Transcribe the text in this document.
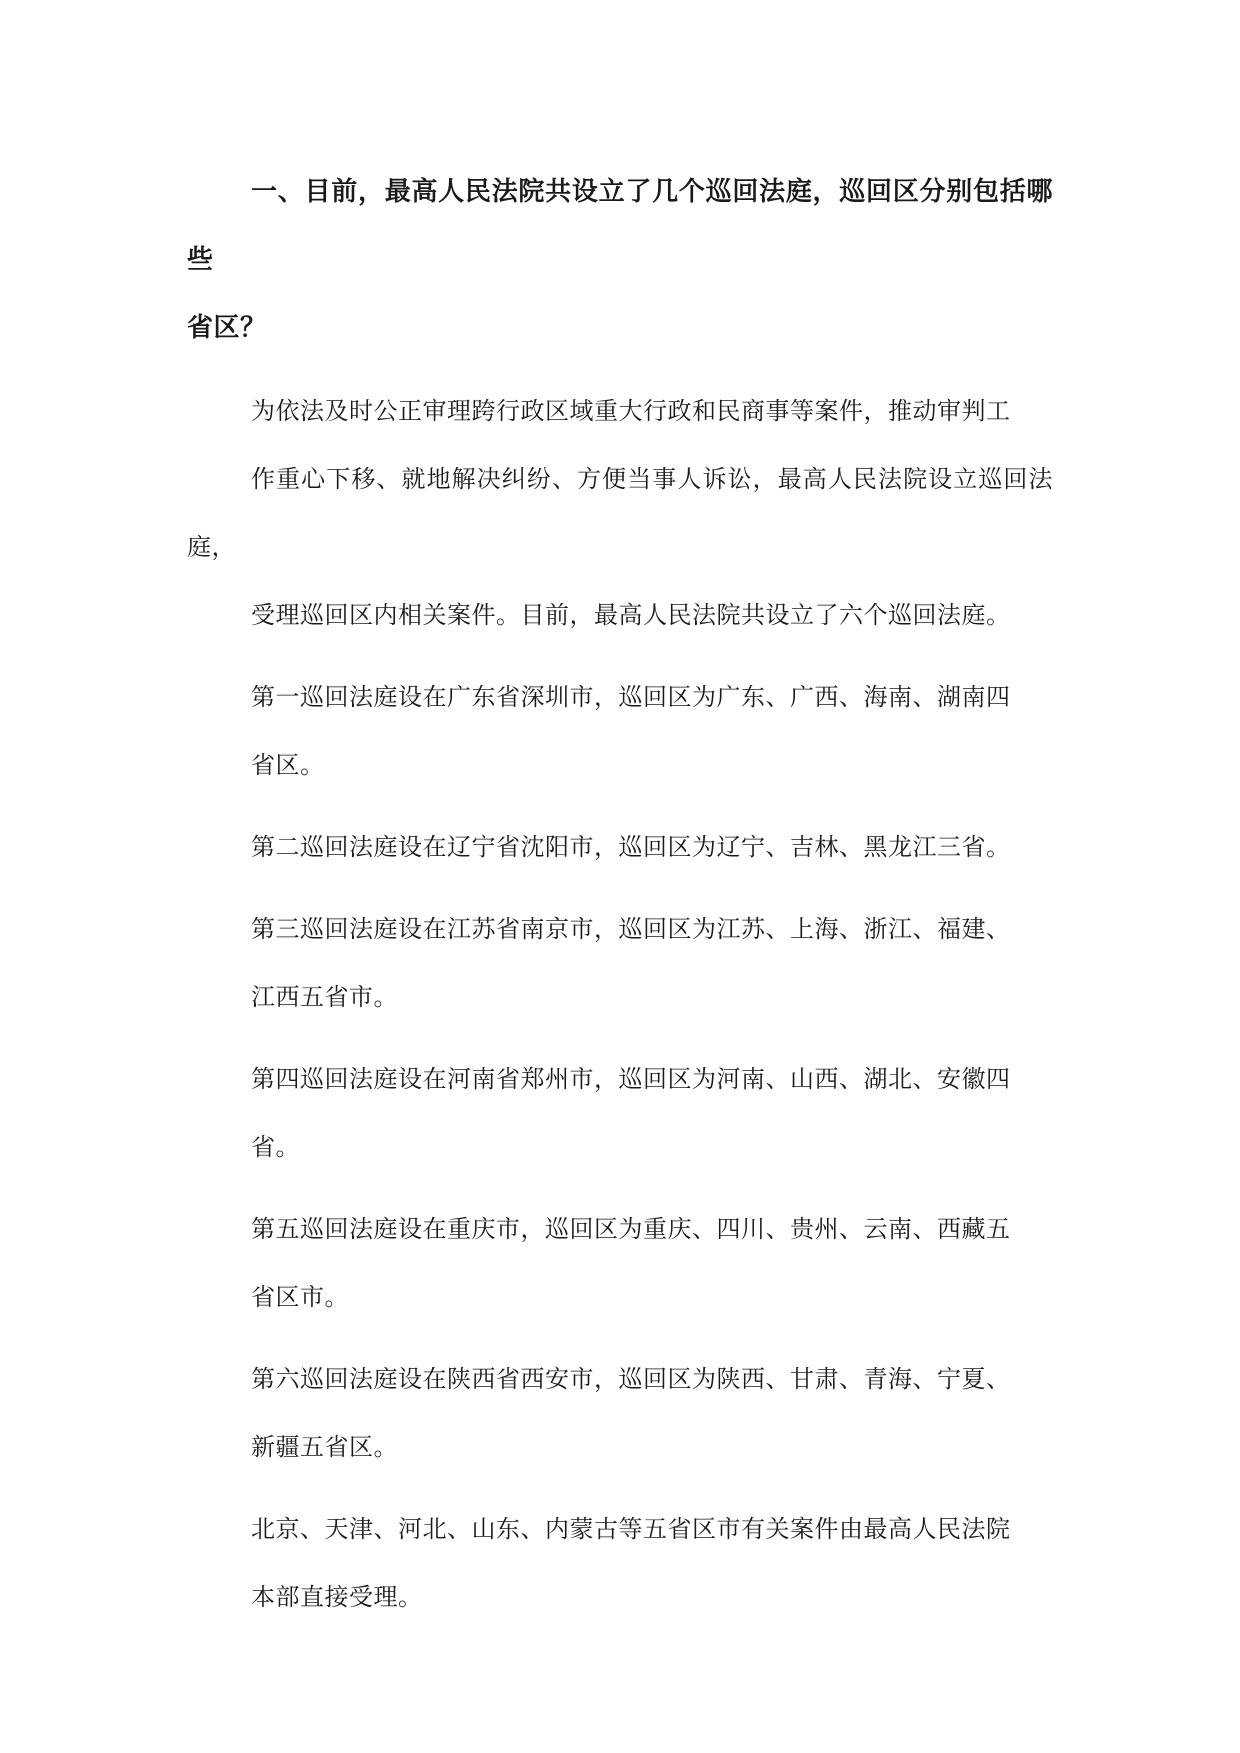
一、目前，最高人民法院共设立了几个巡回法庭，巡回区分别包括哪些
省区？
为依法及时公正审理跨行政区域重大行政和民商事等案件，推动审判工
作重心下移、就地解决纠纷、方便当事人诉讼，最高人民法院设立巡回法庭，
受理巡回区内相关案件。目前，最高人民法院共设立了六个巡回法庭。
第一巡回法庭设在广东省深圳市，巡回区为广东、广西、海南、湖南四
省区。
第二巡回法庭设在辽宁省沈阳市，巡回区为辽宁、吉林、黑龙江三省。
第三巡回法庭设在江苏省南京市，巡回区为江苏、上海、浙江、福建、
江西五省市。
第四巡回法庭设在河南省郑州市，巡回区为河南、山西、湖北、安徽四
省。
第五巡回法庭设在重庆市，巡回区为重庆、四川、贵州、云南、西藏五
省区市。
第六巡回法庭设在陕西省西安市，巡回区为陕西、甘肃、青海、宁夏、
新疆五省区。
北京、天津、河北、山东、内蒙古等五省区市有关案件由最高人民法院
本部直接受理。
